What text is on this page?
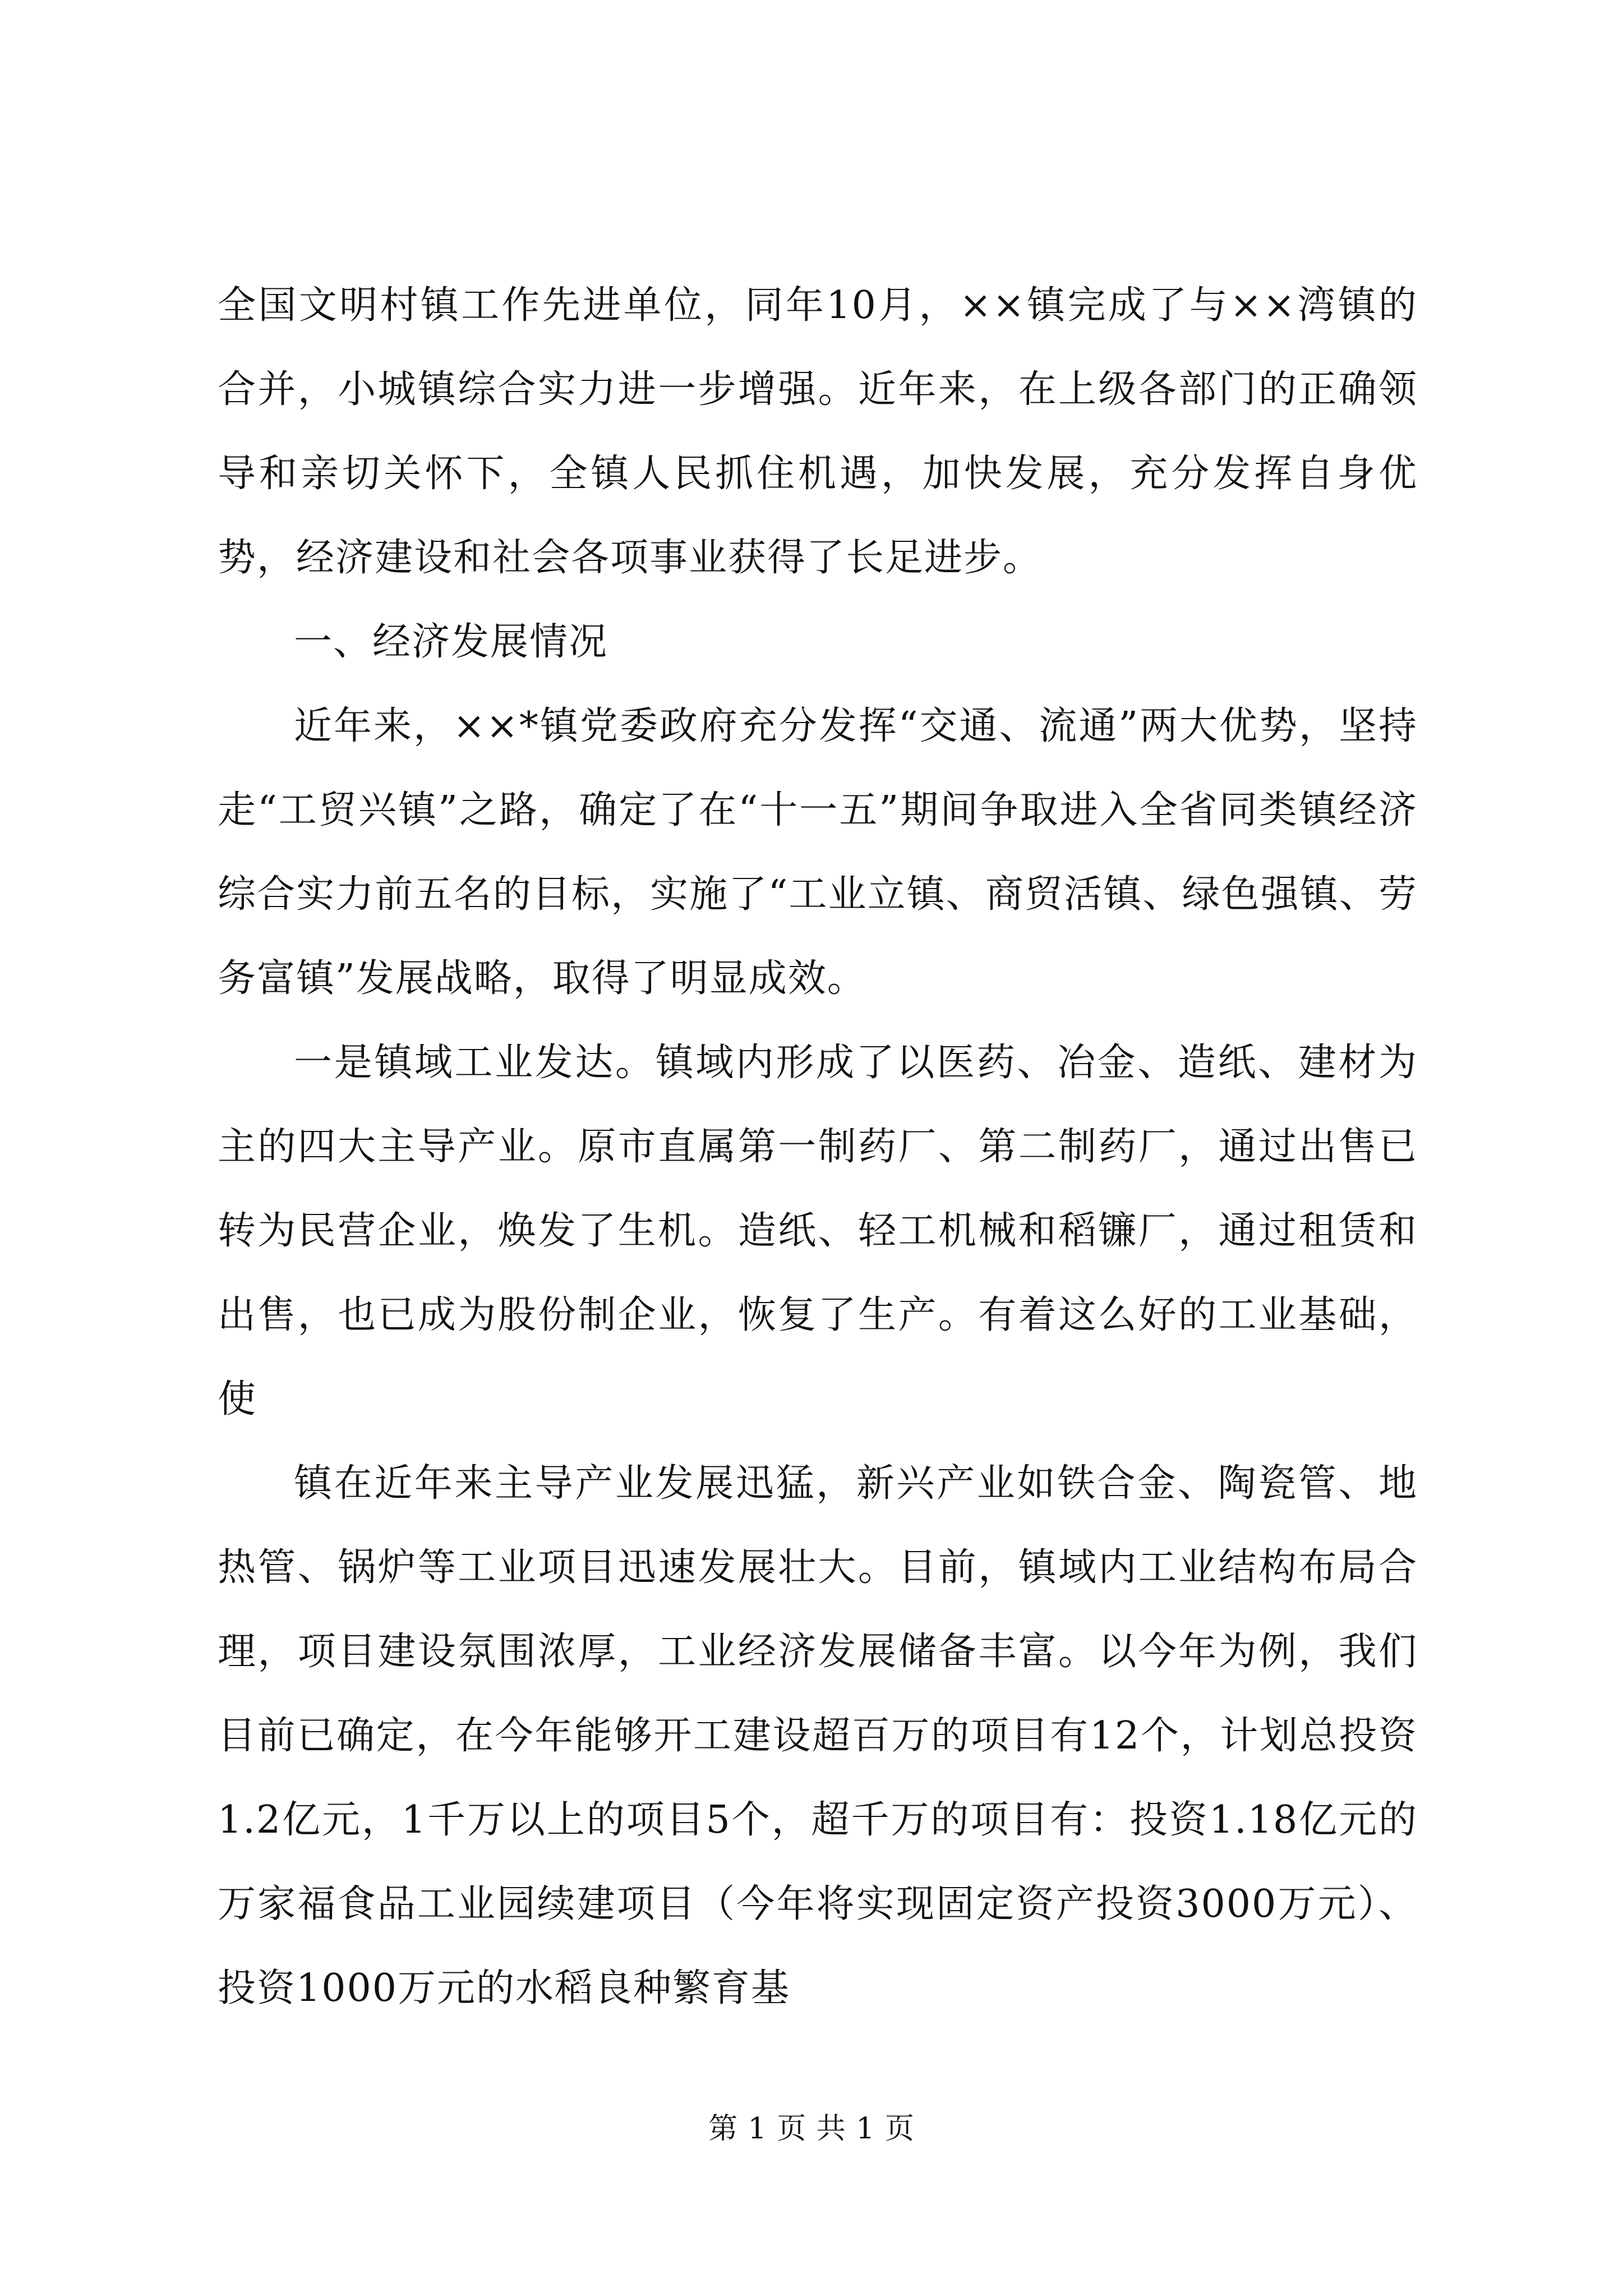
全国文明村镇工作先进单位，同年10月，××镇完成了与××湾镇的合并，小城镇综合实力进一步增强。近年来，在上级各部门的正确领导和亲切关怀下，全镇人民抓住机遇，加快发展，充分发挥自身优势，经济建设和社会各项事业获得了长足进步。

一、经济发展情况

近年来，××*镇党委政府充分发挥“交通、流通”两大优势，坚持走“工贸兴镇”之路，确定了在“十一五”期间争取进入全省同类镇经济综合实力前五名的目标，实施了“工业立镇、商贸活镇、绿色强镇、劳务富镇”发展战略，取得了明显成效。

一是镇域工业发达。镇域内形成了以医药、冶金、造纸、建材为主的四大主导产业。原市直属第一制药厂、第二制药厂，通过出售已转为民营企业，焕发了生机。造纸、轻工机械和稻镰厂，通过租赁和出售，也已成为股份制企业，恢复了生产。有着这么好的工业基础，使

镇在近年来主导产业发展迅猛，新兴产业如铁合金、陶瓷管、地热管、锅炉等工业项目迅速发展壮大。目前，镇域内工业结构布局合理，项目建设氛围浓厚，工业经济发展储备丰富。以今年为例，我们目前已确定，在今年能够开工建设超百万的项目有12个，计划总投资1.2亿元，1千万以上的项目5个，超千万的项目有：投资1.18亿元的万家福食品工业园续建项目（今年将实现固定资产投资3000万元）、投资1000万元的水稻良种繁育基

第 1 页 共 1 页
